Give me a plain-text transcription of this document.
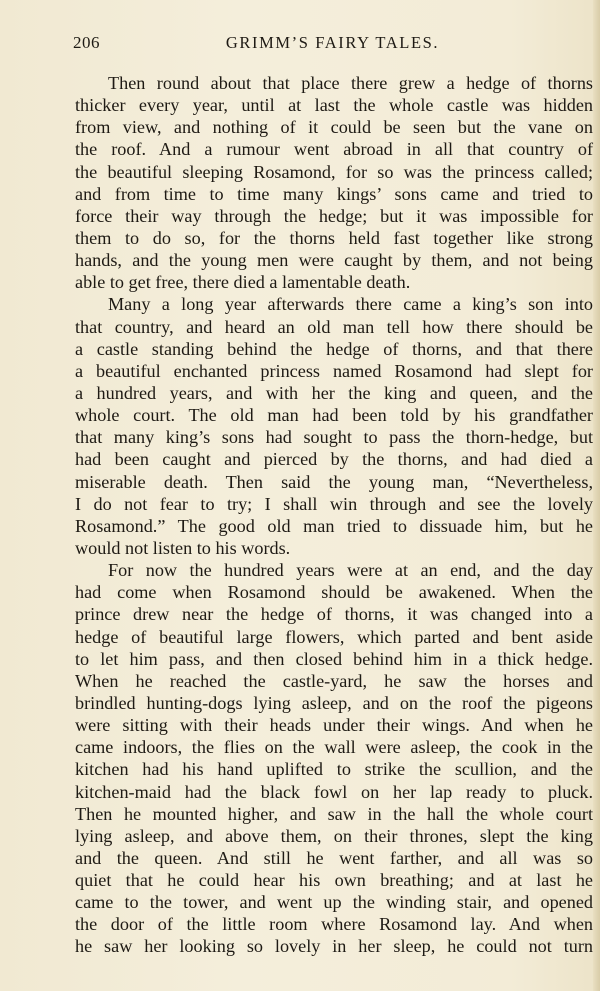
206	GRIMM’S FAIRY TALES.
Then round about that place there grew a hedge of thorns
thicker every year, until at last the whole castle was hidden
from view, and nothing of it could be seen but the vane on
the roof. And a rumour went abroad in all that country of
the beautiful sleeping Rosamond, for so was the princess called;
and from time to time many kings’ sons came and tried to
force their way through the hedge; but it was impossible for
them to do so, for the thorns held fast together like strong
hands, and the young men were caught by them, and not being
able to get free, there died a lamentable death.
Many a long year afterwards there came a king’s son into
that country, and heard an old man tell how there should be
a castle standing behind the hedge of thorns, and that there
a beautiful enchanted princess named Rosamond had slept for
a hundred years, and with her the king and queen, and the
whole court. The old man had been told by his grandfather
that many king’s sons had sought to pass the thorn-hedge, but
had been caught and pierced by the thorns, and had died a
miserable death. Then said the young man, “Nevertheless,
I do not fear to try; I shall win through and see the lovely
Rosamond.” The good old man tried to dissuade him, but he
would not listen to his words.
For now the hundred years were at an end, and the day
had come when Rosamond should be awakened. When the
prince drew near the hedge of thorns, it was changed into a
hedge of beautiful large flowers, which parted and bent aside
to let him pass, and then closed behind him in a thick hedge.
When he reached the castle-yard, he saw the horses and
brindled hunting-dogs lying asleep, and on the roof the pigeons
were sitting with their heads under their wings. And when he
came indoors, the flies on the wall were asleep, the cook in the
kitchen had his hand uplifted to strike the scullion, and the
kitchen-maid had the black fowl on her lap ready to pluck.
Then he mounted higher, and saw in the hall the whole court
lying asleep, and above them, on their thrones, slept the king
and the queen. And still he went farther, and all was so
quiet that he could hear his own breathing; and at last he
came to the tower, and went up the winding stair, and opened
the door of the little room where Rosamond lay. And when
he saw her looking so lovely in her sleep, he could not turn
